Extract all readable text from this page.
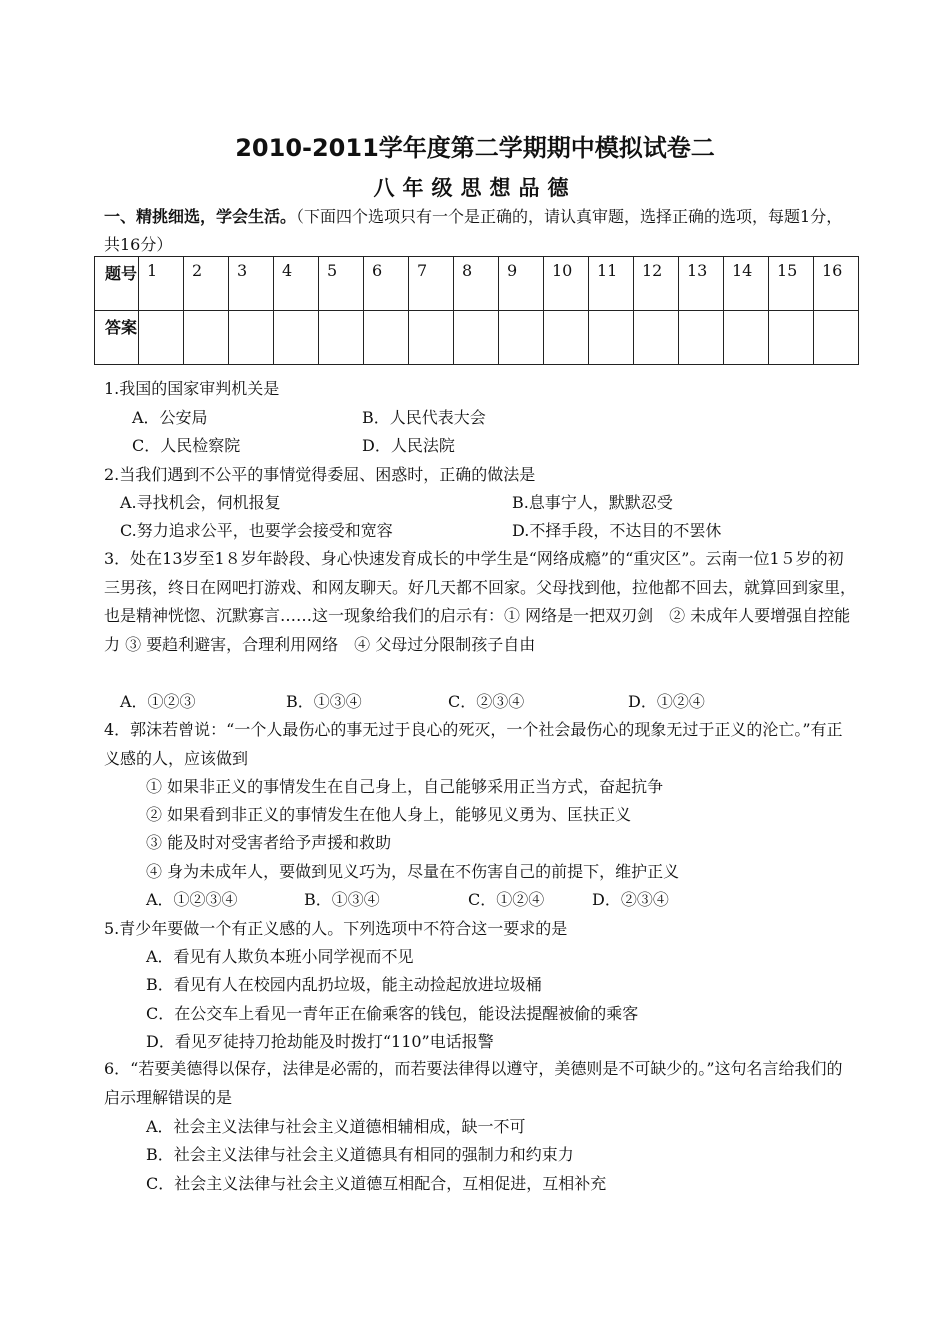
2010-2011学年度第二学期期中模拟试卷二
八年级思想品德
一、精挑细选，学会生活。（下面四个选项只有一个是正确的，请认真审题，选择正确的选项，每题1分，共16分）
题号	1	2	3	4	5	6	7	8	9	10	11	12	13	14	15	16
答案																
1.我国的国家审判机关是
A．公安局	B．人民代表大会
C．人民检察院	D．人民法院
2.当我们遇到不公平的事情觉得委屈、困惑时，正确的做法是
A.寻找机会，伺机报复	B.息事宁人，默默忍受
C.努力追求公平，也要学会接受和宽容	D.不择手段，不达目的不罢休
3．处在13岁至1８岁年龄段、身心快速发育成长的中学生是“网络成瘾”的“重灾区”。云南一位1５岁的初三男孩，终日在网吧打游戏、和网友聊天。好几天都不回家。父母找到他，拉他都不回去，就算回到家里，也是精神恍惚、沉默寡言……这一现象给我们的启示有：① 网络是一把双刃剑　② 未成年人要增强自控能力 ③ 要趋利避害，合理利用网络　④ 父母过分限制孩子自由
A．①②③	B．①③④	C．②③④	D．①②④
4．郭沫若曾说：“一个人最伤心的事无过于良心的死灭，一个社会最伤心的现象无过于正义的沦亡。”有正义感的人，应该做到
① 如果非正义的事情发生在自己身上，自己能够采用正当方式，奋起抗争
② 如果看到非正义的事情发生在他人身上，能够见义勇为、匡扶正义
③ 能及时对受害者给予声援和救助
④ 身为未成年人，要做到见义巧为，尽量在不伤害自己的前提下，维护正义
A．①②③④	B．①③④	C．①②④	D．②③④
5.青少年要做一个有正义感的人。下列选项中不符合这一要求的是
A．看见有人欺负本班小同学视而不见
B．看见有人在校园内乱扔垃圾，能主动捡起放进垃圾桶
C．在公交车上看见一青年正在偷乘客的钱包，能设法提醒被偷的乘客
D．看见歹徒持刀抢劫能及时拨打“110”电话报警
6．“若要美德得以保存，法律是必需的，而若要法律得以遵守，美德则是不可缺少的。”这句名言给我们的启示理解错误的是
A．社会主义法律与社会主义道德相辅相成，缺一不可
B．社会主义法律与社会主义道德具有相同的强制力和约束力
C．社会主义法律与社会主义道德互相配合，互相促进，互相补充
